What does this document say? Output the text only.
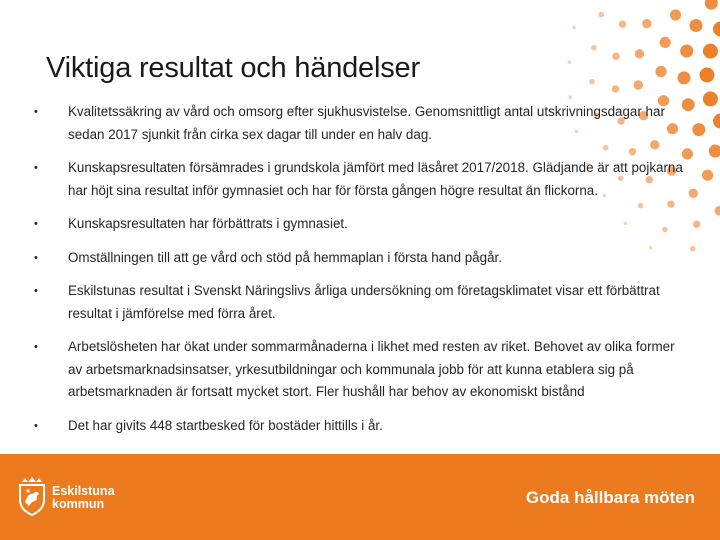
Viktiga resultat och händelser
• Kvalitetssäkring av vård och omsorg efter sjukhusvistelse. Genomsnittligt antal utskrivningsdagar har sedan 2017 sjunkit från cirka sex dagar till under en halv dag.
• Kunskapsresultaten försämrades i grundskola jämfört med läsåret 2017/2018. Glädjande är att pojkarna har höjt sina resultat inför gymnasiet och har för första gången högre resultat än flickorna.
• Kunskapsresultaten har förbättrats i gymnasiet.
• Omställningen till att ge vård och stöd på hemmaplan i första hand pågår.
• Eskilstunas resultat i Svenskt Näringslivs årliga undersökning om företagsklimatet visar ett förbättrat resultat i jämförelse med förra året.
• Arbetslösheten har ökat under sommarmånaderna i likhet med resten av riket. Behovet av olika former av arbetsmarknadsinsatser, yrkesutbildningar och kommunala jobb för att kunna etablera sig på arbetsmarknaden är fortsatt mycket stort. Fler hushåll har behov av ekonomiskt bistånd
• Det har givits 448 startbesked för bostäder hittills i år.
Eskilstuna
kommun	Goda hållbara möten
